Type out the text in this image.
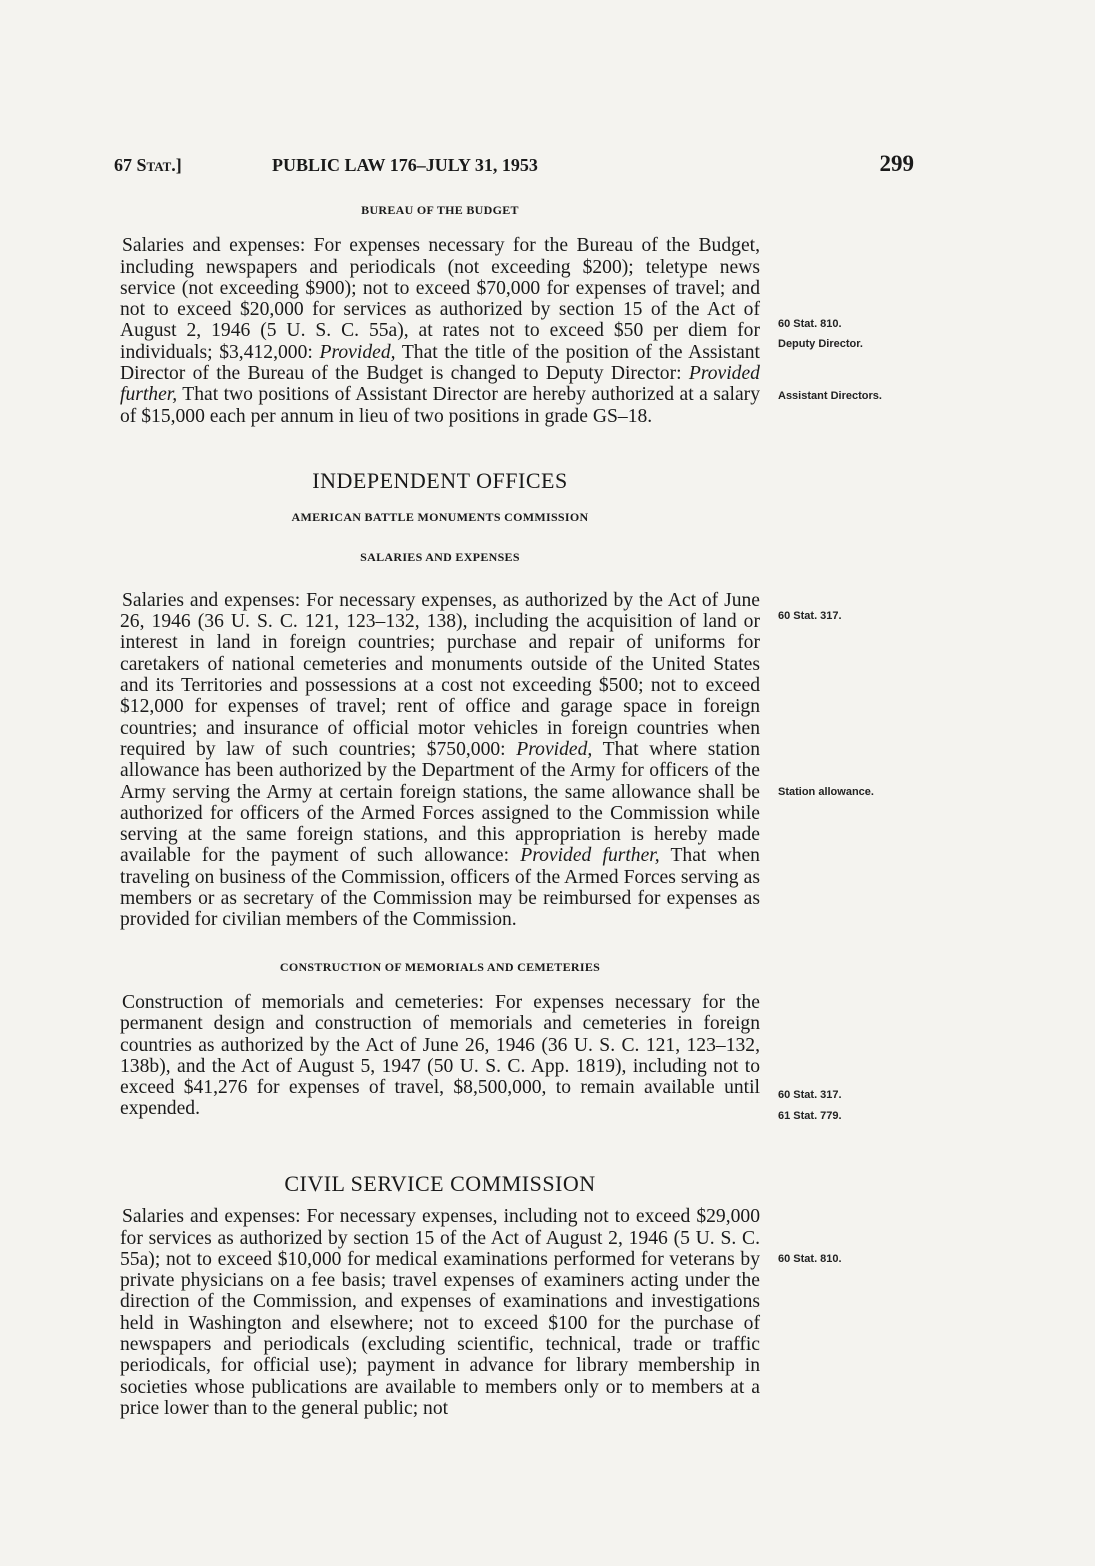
67 Stat.]	PUBLIC LAW 176–JULY 31, 1953	299
BUREAU OF THE BUDGET

Salaries and expenses: For expenses necessary for the Bureau of the Budget, including newspapers and periodicals (not exceeding $200); teletype news service (not exceeding $900); not to exceed $70,000 for expenses of travel; and not to exceed $20,000 for services as authorized by section 15 of the Act of August 2, 1946 (5 U. S. C. 55a), at rates not to exceed $50 per diem for individuals; $3,412,000: Provided, That the title of the position of the Assistant Director of the Bureau of the Budget is changed to Deputy Director: Provided further, That two positions of Assistant Director are hereby authorized at a salary of $15,000 each per annum in lieu of two positions in grade GS–18.

INDEPENDENT OFFICES
AMERICAN BATTLE MONUMENTS COMMISSION
SALARIES AND EXPENSES

Salaries and expenses: For necessary expenses, as authorized by the Act of June 26, 1946 (36 U. S. C. 121, 123–132, 138), including the acquisition of land or interest in land in foreign countries; purchase and repair of uniforms for caretakers of national cemeteries and monuments outside of the United States and its Territories and possessions at a cost not exceeding $500; not to exceed $12,000 for expenses of travel; rent of office and garage space in foreign countries; and insurance of official motor vehicles in foreign countries when required by law of such countries; $750,000: Provided, That where station allowance has been authorized by the Department of the Army for officers of the Army serving the Army at certain foreign stations, the same allowance shall be authorized for officers of the Armed Forces assigned to the Commission while serving at the same foreign stations, and this appropriation is hereby made available for the payment of such allowance: Provided further, That when traveling on business of the Commission, officers of the Armed Forces serving as members or as secretary of the Commission may be reimbursed for expenses as provided for civilian members of the Commission.

CONSTRUCTION OF MEMORIALS AND CEMETERIES

Construction of memorials and cemeteries: For expenses necessary for the permanent design and construction of memorials and cemeteries in foreign countries as authorized by the Act of June 26, 1946 (36 U. S. C. 121, 123–132, 138b), and the Act of August 5, 1947 (50 U. S. C. App. 1819), including not to exceed $41,276 for expenses of travel, $8,500,000, to remain available until expended.

CIVIL SERVICE COMMISSION

Salaries and expenses: For necessary expenses, including not to exceed $29,000 for services as authorized by section 15 of the Act of August 2, 1946 (5 U. S. C. 55a); not to exceed $10,000 for medical examinations performed for veterans by private physicians on a fee basis; travel expenses of examiners acting under the direction of the Commission, and expenses of examinations and investigations held in Washington and elsewhere; not to exceed $100 for the purchase of newspapers and periodicals (excluding scientific, technical, trade or traffic periodicals, for official use); payment in advance for library membership in societies whose publications are available to members only or to members at a price lower than to the general public; not

60 Stat. 810.
Deputy Director.
Assistant Directors.
60 Stat. 317.
Station allowance.
60 Stat. 317.
61 Stat. 779.
60 Stat. 810.
